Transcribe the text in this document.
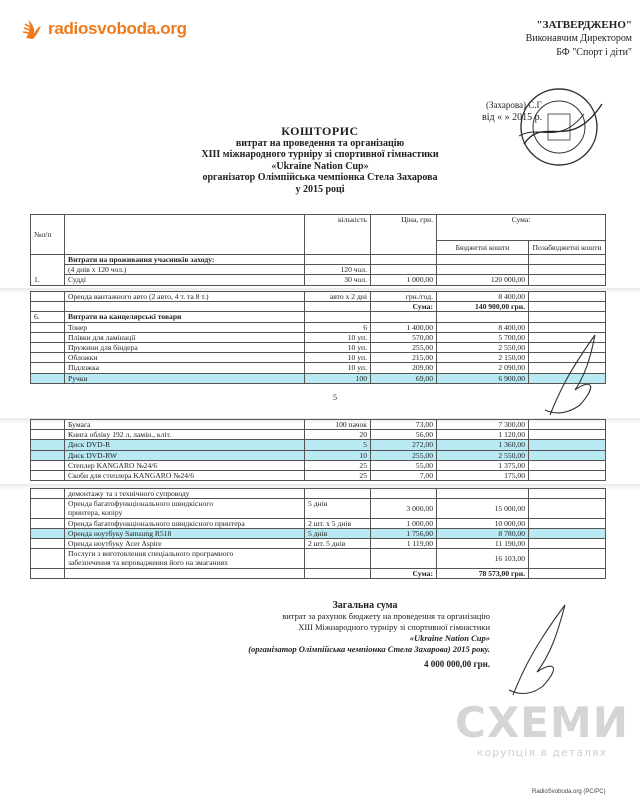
radiosvoboda.org	"ЗАТВЕРДЖЕНО"
Виконавчим Директором
БФ "Спорт і діти"
(Захарова) С.Г.
від « » 2015 р.
КОШТОРИС
витрат на проведення та організацію
ХІІІ міжнародного турніру зі спортивної гімнастики
«Ukraine Nation Cup»
організатор Олімпійська чемпіонка Стела Захарова
у 2015 році
№п/п		кількість	Ціна, грн.	Сума:	
				Бюджетні кошти	Позабюджетні кошти
1.	Витрати на проживання учасників заходу:				
	(4 днів х 120 чол.)	120 чол.			
	Судді	30 чол.	1 000,00	120 000,00	
	Оренда вантажного авто (2 авто, 4 т. та 8 т.)	авто х 2 дні	грн./год.	8 400,00	
			Сума:	140 900,00 грн.	
6.	Витрати на канцелярські товари				
	Тонер	6	1 400,00	8 400,00	
	Плівки для ламінації	10 уп.	570,00	5 700,00	
	Пружини для біндера	10 уп.	255,00	2 550,00	
	Обложки	10 уп.	215,00	2 150,00	
	Підложка	10 уп.	209,00	2 090,00	
	Ручки	100	69,00	6 900,00	
5
	Бумага	100 пачок	73,00	7 300,00	
	Книга обліку 192 л, ламін., кліт.	20	56,00	1 120,00	
	Диск DVD-R	5	272,00	1 360,00	
	Диск DVD-RW	10	255,00	2 550,00	
	Степлер KANGARO №24/6	25	55,00	1 375,00	
	Скоби для степлера KANGARO №24/6	25	7,00	175,00	
	демонтажу та з технічного супроводу				

	Оренда багатофункціонального швидкісного
принтера, копіру	5 днів	3 000,00	15 000,00	

	Оренда багатофункціонального швидкісного принтера	2 шт. х 5 днів	1 000,00	10 000,00	

	Оренда ноутбуку Samsung R518	5 днів	1 756,00	8 780,00	

	Оренда ноутбуку Acer Aspire	2 шт. 5 днів	1 119,00	11 190,00	

	Послуги з виготовлення спеціального програмного
забезпечення та впровадження його на змаганнях			16 103,00	
			Сума:	78 573,00 грн.	
Загальна сума
витрат за рахунок бюджету на проведення та організацію
ХІІІ Міжнародного турніру зі спортивної гімнастики
«Ukraine Nation Cup»
(організатор Олімпійська чемпіонка Стела Захарова) 2015 року.
4 000 000,00 грн.
СХЕМИ
корупція в деталях
RadioSvoboda.org (РС/РС)
